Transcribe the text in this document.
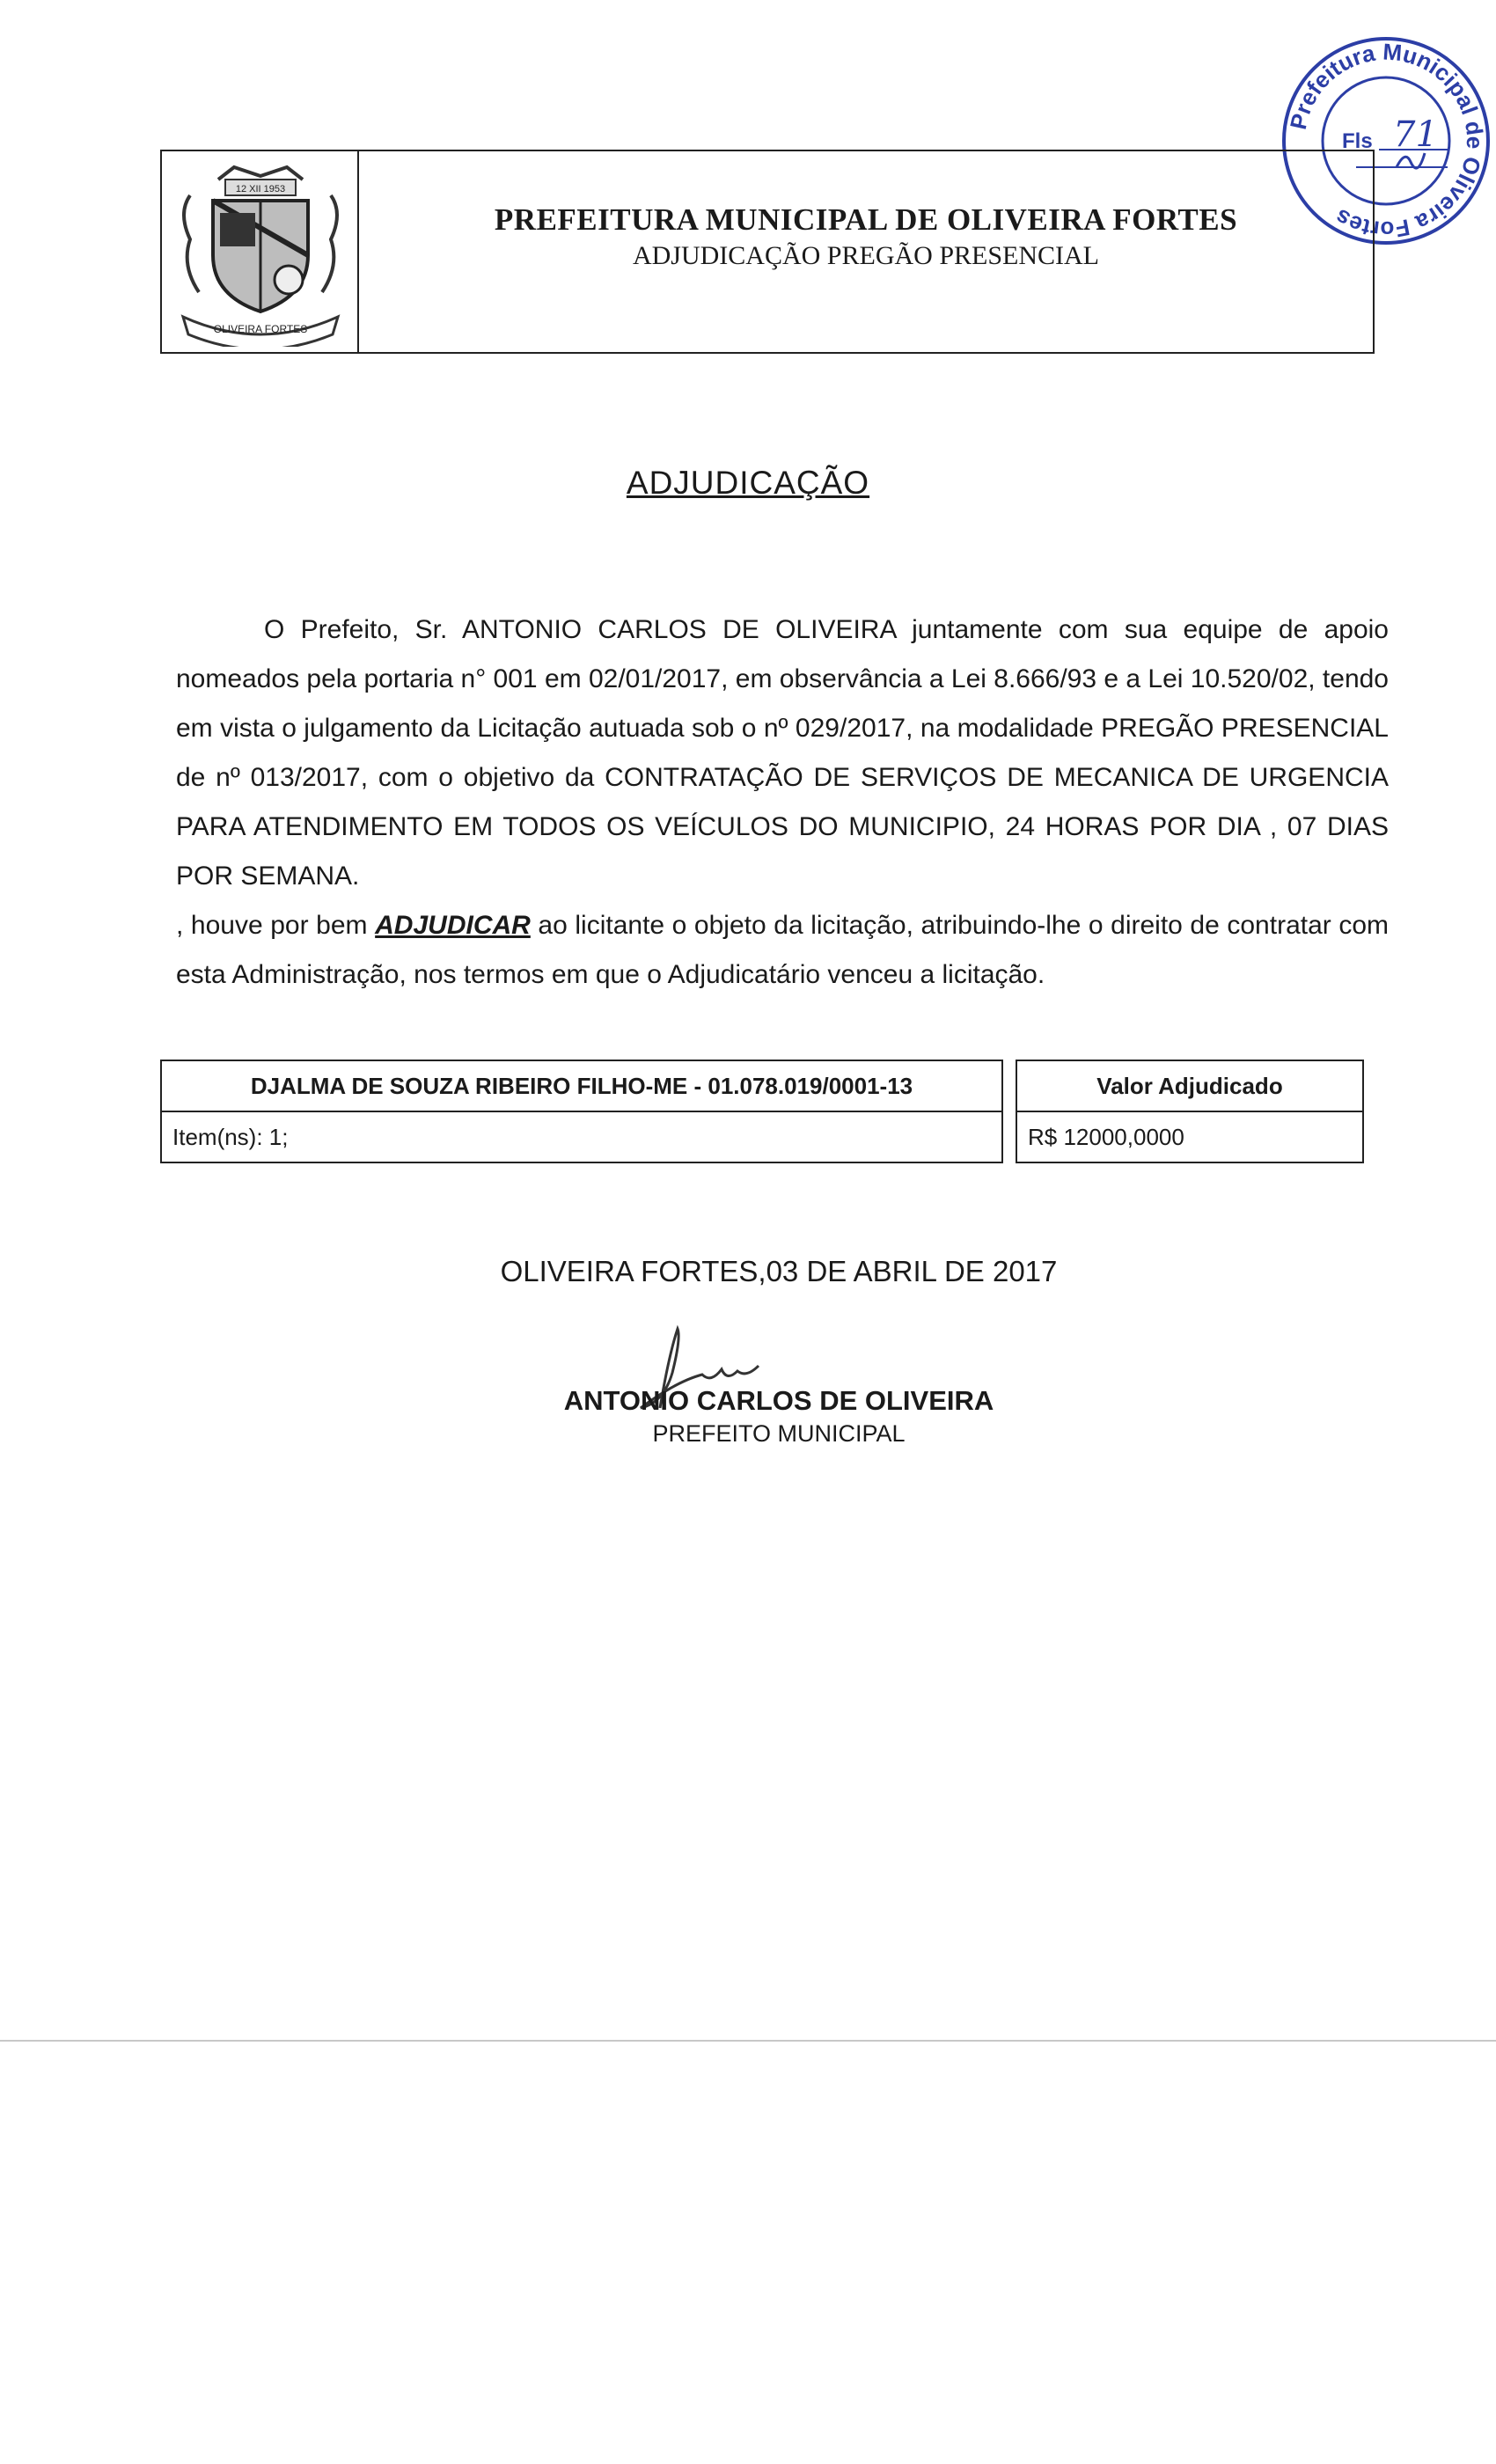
Prefeitura Municipal de Oliveira Fortes
Fls 71
12 XII 1953
OLIVEIRA FORTES
PREFEITURA MUNICIPAL DE OLIVEIRA FORTES
ADJUDICAÇÃO PREGÃO PRESENCIAL
ADJUDICAÇÃO
O Prefeito, Sr. ANTONIO CARLOS DE OLIVEIRA juntamente com sua equipe de apoio nomeados pela portaria n° 001 em 02/01/2017, em observância a Lei 8.666/93 e a Lei 10.520/02, tendo em vista o julgamento da Licitação autuada sob o nº 029/2017, na modalidade PREGÃO PRESENCIAL de nº 013/2017, com o objetivo da CONTRATAÇÃO DE SERVIÇOS DE MECANICA DE URGENCIA PARA ATENDIMENTO EM TODOS OS VEÍCULOS DO MUNICIPIO, 24 HORAS POR DIA , 07 DIAS POR SEMANA.
, houve por bem ADJUDICAR ao licitante o objeto da licitação, atribuindo-lhe o direito de contratar com esta Administração, nos termos em que o Adjudicatário venceu a licitação.
DJALMA DE SOUZA RIBEIRO FILHO-ME - 01.078.019/0001-13		Valor Adjudicado
Item(ns): 1;		R$ 12000,0000
OLIVEIRA FORTES,03 DE ABRIL DE 2017
ANTONIO CARLOS DE OLIVEIRA
PREFEITO MUNICIPAL
